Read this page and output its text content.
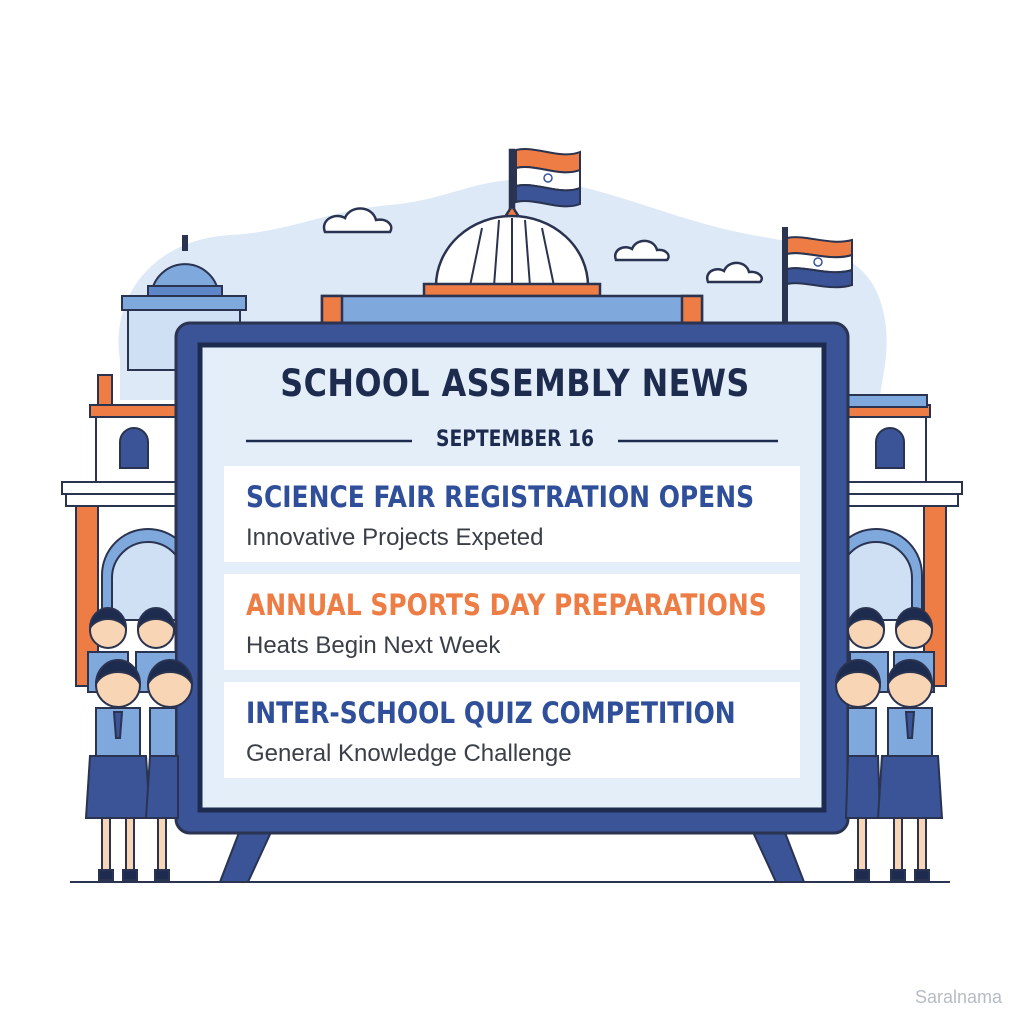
SCHOOL ASSEMBLY NEWS
SEPTEMBER 16
SCIENCE FAIR REGISTRATION OPENS
Innovative Projects Expeted
ANNUAL SPORTS DAY PREPARATIONS
Heats Begin Next Week
INTER-SCHOOL QUIZ COMPETITION
General Knowledge Challenge
Saralnama
